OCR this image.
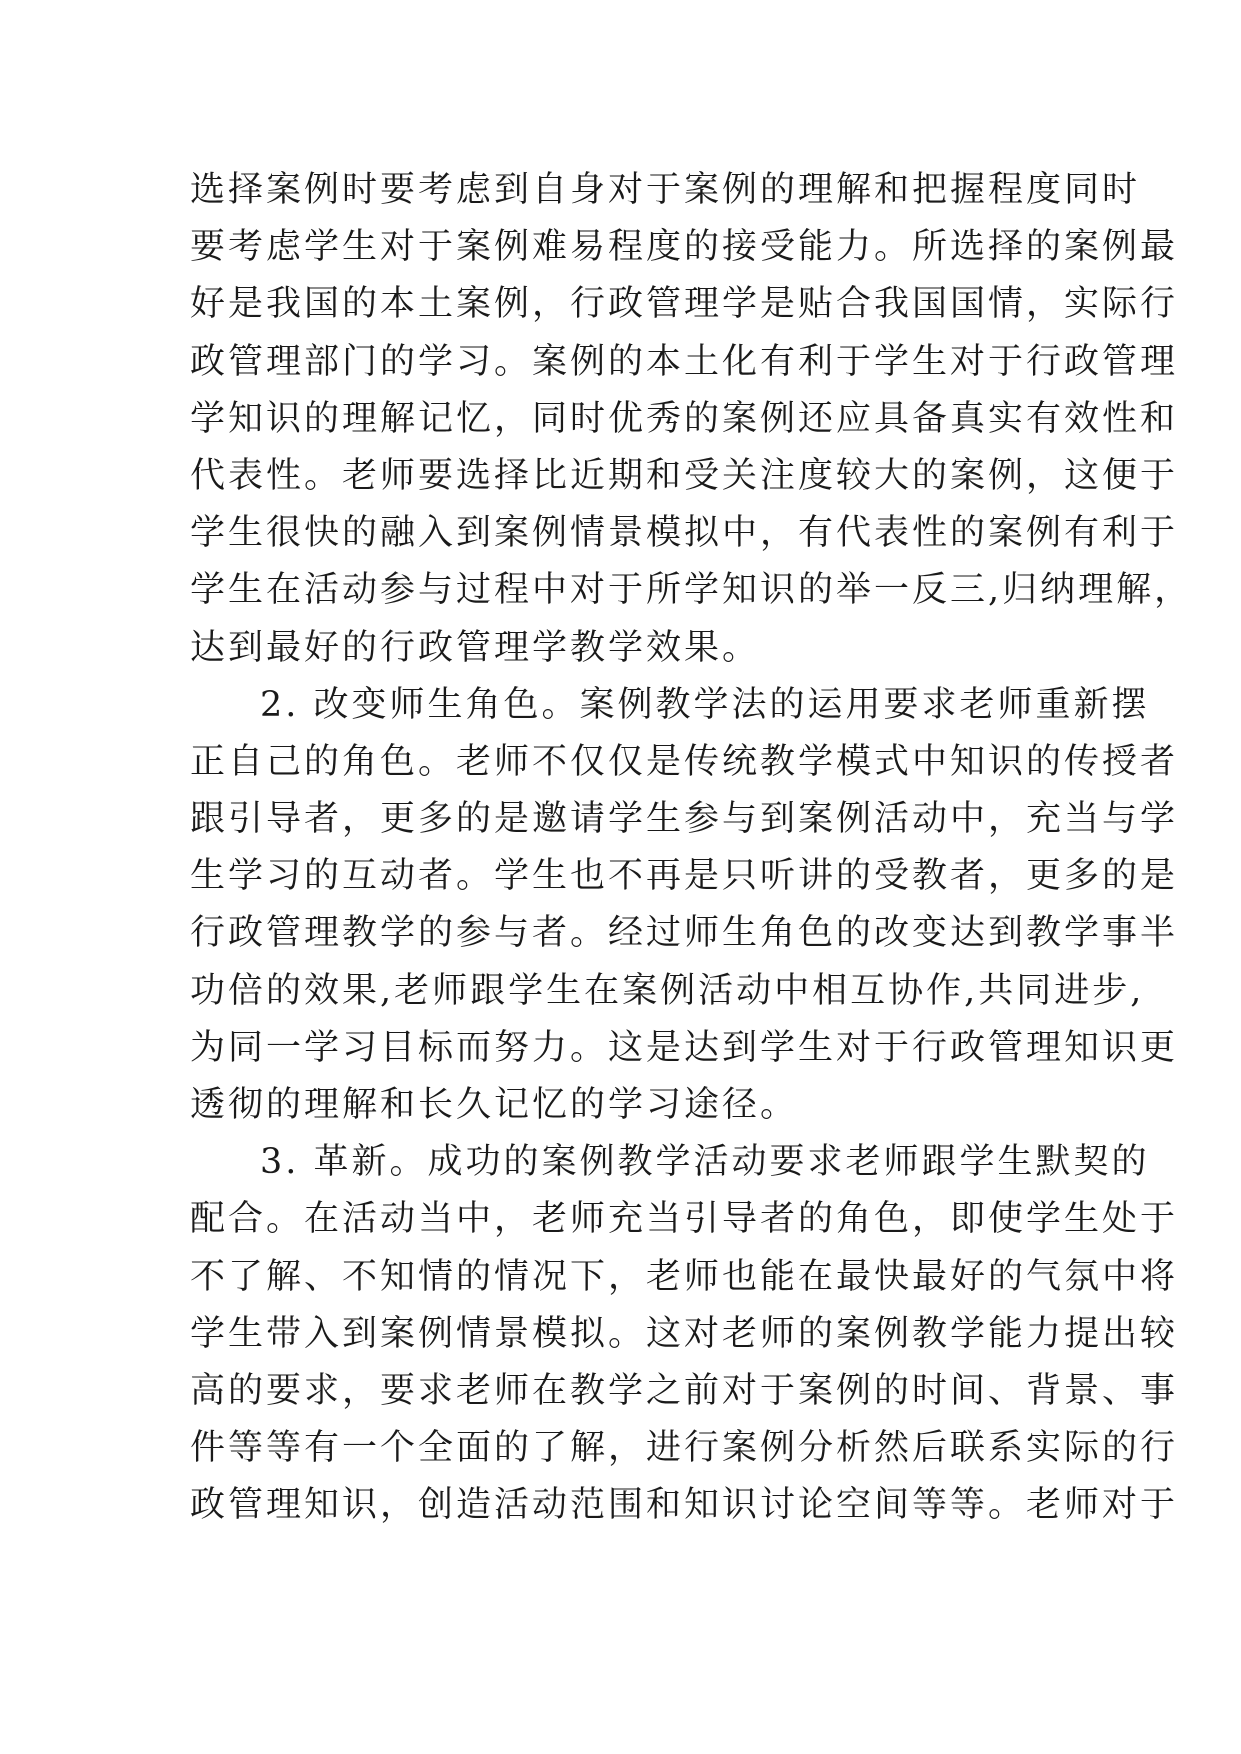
选择案例时要考虑到自身对于案例的理解和把握程度同时
要考虑学生对于案例难易程度的接受能力。所选择的案例最
好是我国的本土案例，行政管理学是贴合我国国情，实际行
政管理部门的学习。案例的本土化有利于学生对于行政管理
学知识的理解记忆，同时优秀的案例还应具备真实有效性和
代表性。老师要选择比近期和受关注度较大的案例，这便于
学生很快的融入到案例情景模拟中，有代表性的案例有利于
学生在活动参与过程中对于所学知识的举一反三,归纳理解，
达到最好的行政管理学教学效果。
2. 改变师生角色。案例教学法的运用要求老师重新摆
正自己的角色。老师不仅仅是传统教学模式中知识的传授者
跟引导者，更多的是邀请学生参与到案例活动中，充当与学
生学习的互动者。学生也不再是只听讲的受教者，更多的是
行政管理教学的参与者。经过师生角色的改变达到教学事半
功倍的效果,老师跟学生在案例活动中相互协作,共同进步,
为同一学习目标而努力。这是达到学生对于行政管理知识更
透彻的理解和长久记忆的学习途径。
3. 革新。成功的案例教学活动要求老师跟学生默契的
配合。在活动当中，老师充当引导者的角色，即使学生处于
不了解、不知情的情况下，老师也能在最快最好的气氛中将
学生带入到案例情景模拟。这对老师的案例教学能力提出较
高的要求，要求老师在教学之前对于案例的时间、背景、事
件等等有一个全面的了解，进行案例分析然后联系实际的行
政管理知识，创造活动范围和知识讨论空间等等。老师对于
